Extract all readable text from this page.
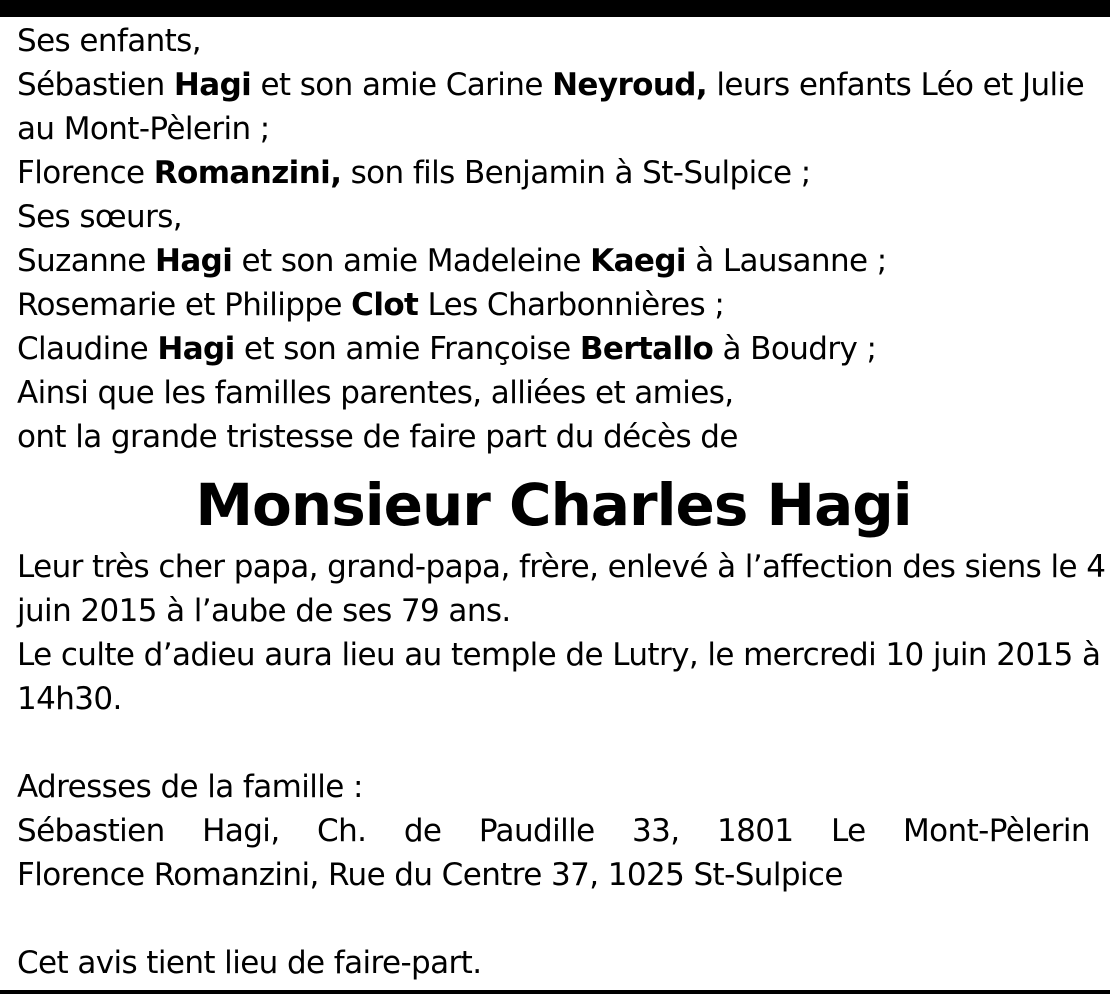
Ses enfants,
Sébastien Hagi et son amie Carine Neyroud, leurs enfants Léo et Julie
au Mont-Pèlerin ;
Florence Romanzini, son fils Benjamin à St-Sulpice ;
Ses sœurs,
Suzanne Hagi et son amie Madeleine Kaegi à Lausanne ;
Rosemarie et Philippe Clot Les Charbonnières ;
Claudine Hagi et son amie Françoise Bertallo à Boudry ;
Ainsi que les familles parentes, alliées et amies,
ont la grande tristesse de faire part du décès de
Monsieur Charles Hagi
Leur très cher papa, grand-papa, frère, enlevé à l’affection des siens le 4
juin 2015 à l’aube de ses 79 ans.
Le culte d’adieu aura lieu au temple de Lutry, le mercredi 10 juin 2015 à
14h30.
Adresses de la famille :
Sébastien Hagi, Ch. de Paudille 33, 1801 Le Mont-Pèlerin
Florence Romanzini, Rue du Centre 37, 1025 St-Sulpice
Cet avis tient lieu de faire-part.
